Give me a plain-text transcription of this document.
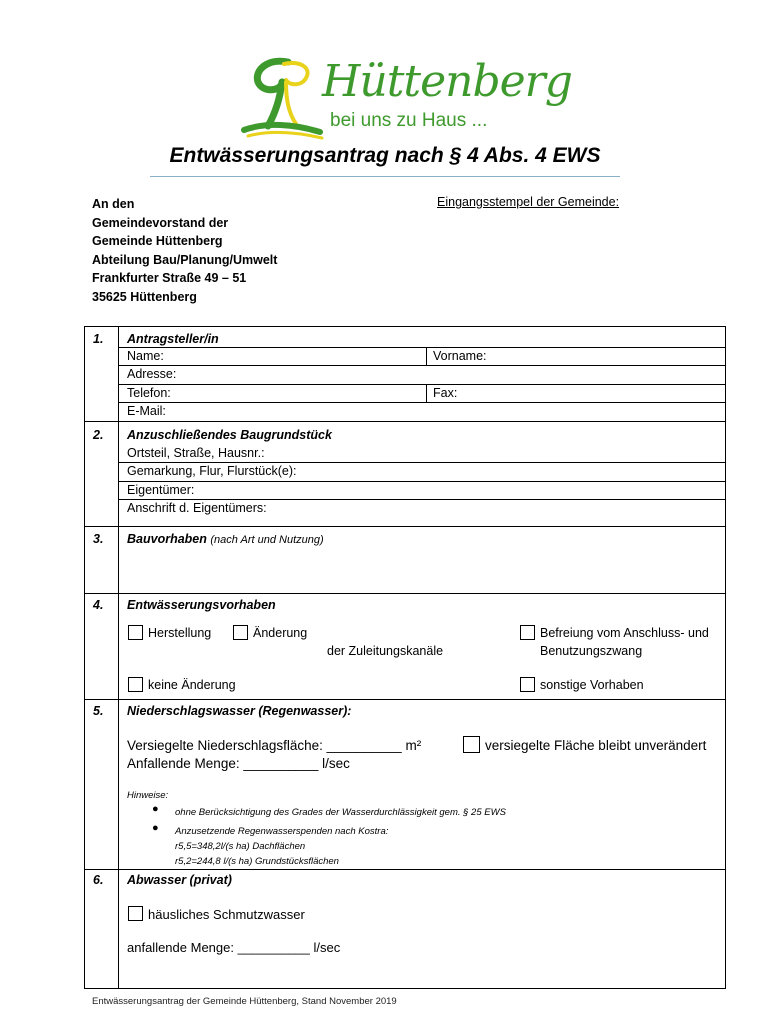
Hüttenberg
bei uns zu Haus ...
Entwässerungsantrag nach § 4 Abs. 4 EWS
An den
Gemeindevorstand der
Gemeinde Hüttenberg
Abteilung Bau/Planung/Umwelt
Frankfurter Straße 49 – 51
35625 Hüttenberg
Eingangsstempel der Gemeinde:
1. Antragsteller/in
Name:	Vorname:
Adresse:
Telefon:	Fax:
E-Mail:
2. Anzuschließendes Baugrundstück
Ortsteil, Straße, Hausnr.:
Gemarkung, Flur, Flurstück(e):
Eigentümer:
Anschrift d. Eigentümers:
3. Bauvorhaben (nach Art und Nutzung)
4. Entwässerungsvorhaben
Herstellung	Änderung
der Zuleitungskanäle
Befreiung vom Anschluss- und
Benutzungszwang
keine Änderung	sonstige Vorhaben
5. Niederschlagswasser (Regenwasser):
Versiegelte Niederschlagsfläche: __________ m²	versiegelte Fläche bleibt unverändert
Anfallende Menge: __________ l/sec
Hinweise:
● ohne Berücksichtigung des Grades der Wasserdurchlässigkeit gem. § 25 EWS
● Anzusetzende Regenwasserspenden nach Kostra:
r5,5=348,2l/(s ha) Dachflächen
r5,2=244,8 l/(s ha) Grundstücksflächen
6. Abwasser (privat)
häusliches Schmutzwasser
anfallende Menge: __________ l/sec
Entwässerungsantrag der Gemeinde Hüttenberg, Stand November 2019
